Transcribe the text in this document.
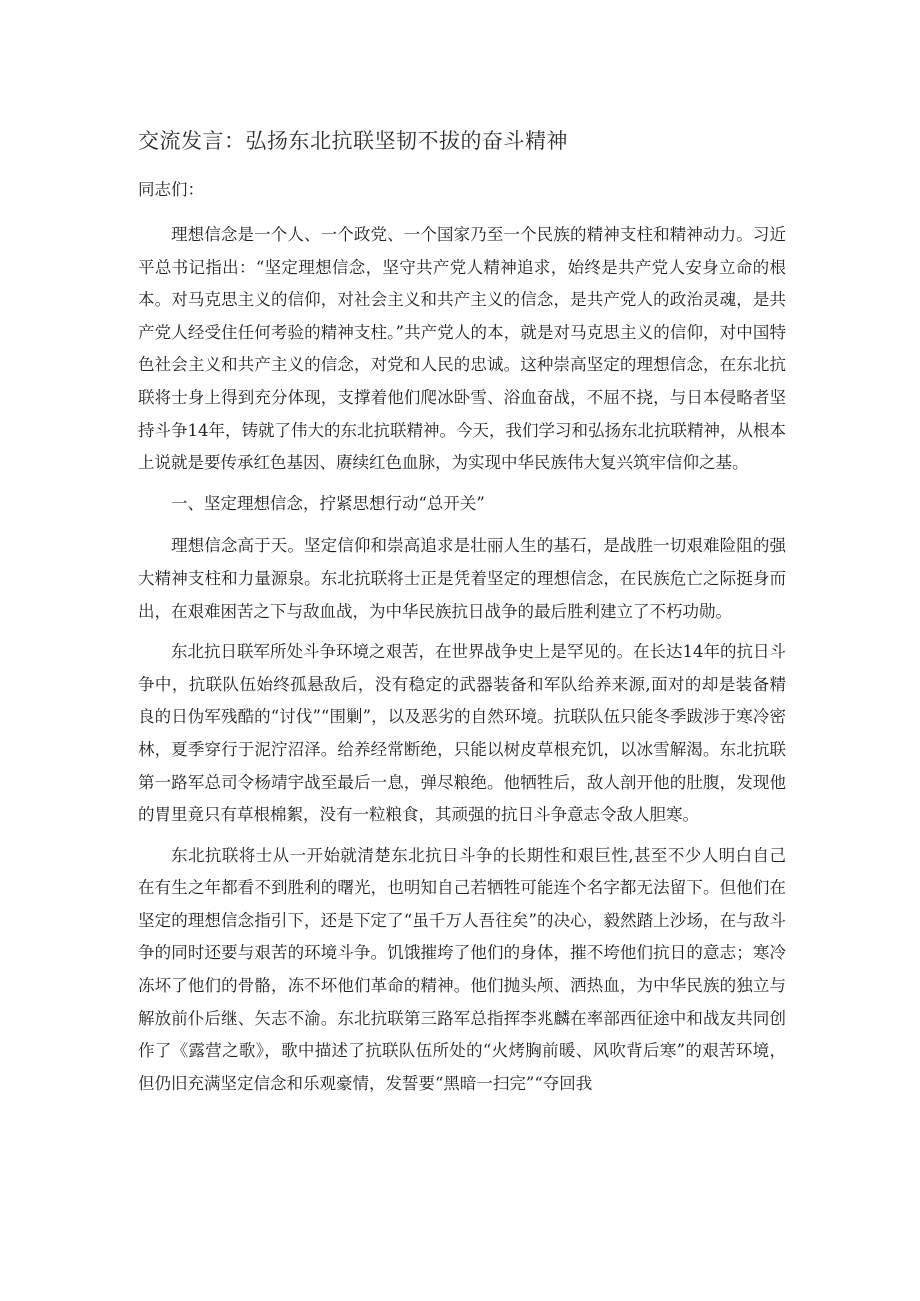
交流发言：弘扬东北抗联坚韧不拔的奋斗精神
同志们：

理想信念是一个人、一个政党、一个国家乃至一个民族的精神支柱和精神动力。习近平总书记指出：“坚定理想信念，坚守共产党人精神追求，始终是共产党人安身立命的根本。对马克思主义的信仰，对社会主义和共产主义的信念，是共产党人的政治灵魂，是共产党人经受住任何考验的精神支柱。”共产党人的本，就是对马克思主义的信仰，对中国特色社会主义和共产主义的信念，对党和人民的忠诚。这种崇高坚定的理想信念，在东北抗联将士身上得到充分体现，支撑着他们爬冰卧雪、浴血奋战，不屈不挠，与日本侵略者坚持斗争14年，铸就了伟大的东北抗联精神。今天，我们学习和弘扬东北抗联精神，从根本上说就是要传承红色基因、赓续红色血脉，为实现中华民族伟大复兴筑牢信仰之基。

一、坚定理想信念，拧紧思想行动“总开关”

理想信念高于天。坚定信仰和崇高追求是壮丽人生的基石，是战胜一切艰难险阻的强大精神支柱和力量源泉。东北抗联将士正是凭着坚定的理想信念，在民族危亡之际挺身而出，在艰难困苦之下与敌血战，为中华民族抗日战争的最后胜利建立了不朽功勋。

东北抗日联军所处斗争环境之艰苦，在世界战争史上是罕见的。在长达14年的抗日斗争中，抗联队伍始终孤悬敌后，没有稳定的武器装备和军队给养来源,面对的却是装备精良的日伪军残酷的“讨伐”“围剿”，以及恶劣的自然环境。抗联队伍只能冬季跋涉于寒冷密林，夏季穿行于泥泞沼泽。给养经常断绝，只能以树皮草根充饥，以冰雪解渴。东北抗联第一路军总司令杨靖宇战至最后一息，弹尽粮绝。他牺牲后，敌人剖开他的肚腹，发现他的胃里竟只有草根棉絮，没有一粒粮食，其顽强的抗日斗争意志令敌人胆寒。

东北抗联将士从一开始就清楚东北抗日斗争的长期性和艰巨性,甚至不少人明白自己在有生之年都看不到胜利的曙光，也明知自己若牺牲可能连个名字都无法留下。但他们在坚定的理想信念指引下，还是下定了“虽千万人吾往矣”的决心，毅然踏上沙场，在与敌斗争的同时还要与艰苦的环境斗争。饥饿摧垮了他们的身体，摧不垮他们抗日的意志；寒冷冻坏了他们的骨骼，冻不坏他们革命的精神。他们抛头颅、洒热血，为中华民族的独立与解放前仆后继、矢志不渝。东北抗联第三路军总指挥李兆麟在率部西征途中和战友共同创作了《露营之歌》，歌中描述了抗联队伍所处的“火烤胸前暖、风吹背后寒”的艰苦环境，但仍旧充满坚定信念和乐观豪情，发誓要“黑暗一扫完”“夺回我
